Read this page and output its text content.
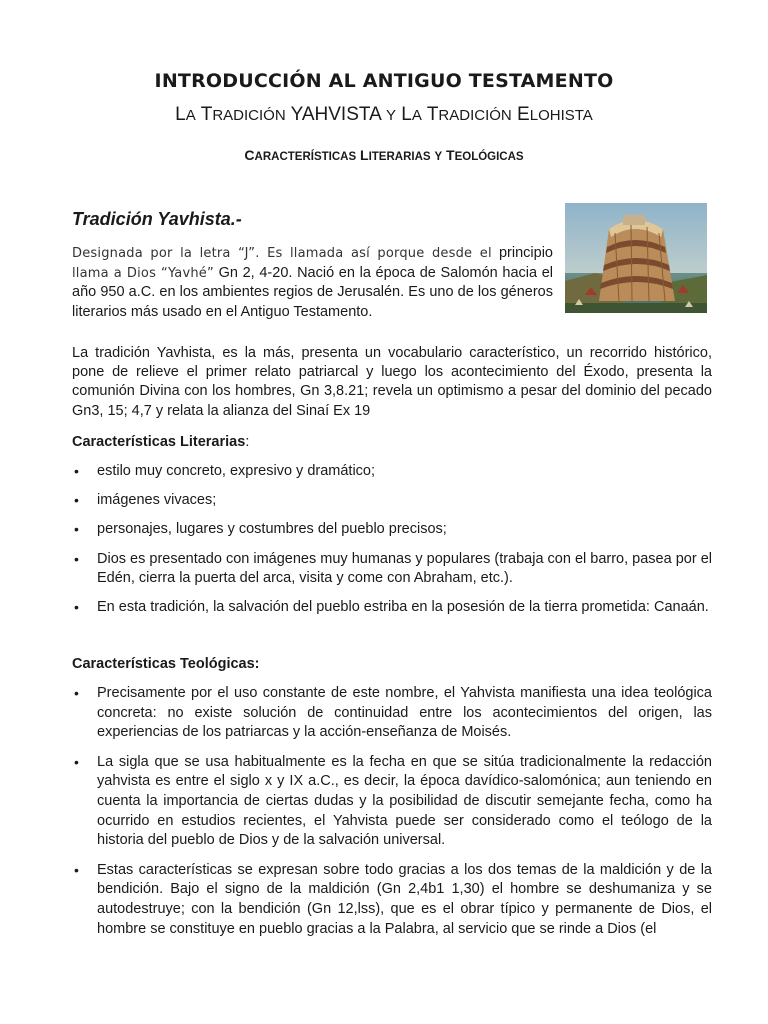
INTRODUCCIÓN AL ANTIGUO TESTAMENTO
LA TRADICIÓN YAHVISTA Y LA TRADICIÓN ELOHISTA
CARACTERÍSTICAS LITERARIAS Y TEOLÓGICAS
Tradición Yavhista.-
Designada por la letra “J”. Es llamada así porque desde el principio llama a Dios “Yavhé” Gn 2, 4-20. Nació en la época de Salomón hacia el año 950 a.C. en los ambientes regios de Jerusalén. Es uno de los géneros literarios más usado en el Antiguo Testamento.
La tradición Yavhista, es la más, presenta un vocabulario característico, un recorrido histórico, pone de relieve el primer relato patriarcal y luego los acontecimiento del Éxodo, presenta la comunión Divina con los hombres, Gn 3,8.21; revela un optimismo a pesar del dominio del pecado Gn3, 15; 4,7 y relata la alianza del Sinaí Ex 19
Características Literarias:
• estilo muy concreto, expresivo y dramático;
• imágenes vivaces;
• personajes, lugares y costumbres del pueblo precisos;
• Dios es presentado con imágenes muy humanas y populares (trabaja con el barro, pasea por el Edén, cierra la puerta del arca, visita y come con Abraham, etc.).
• En esta tradición, la salvación del pueblo estriba en la posesión de la tierra prometida: Canaán.
Características Teológicas:
• Precisamente por el uso constante de este nombre, el Yahvista manifiesta una idea teológica concreta: no existe solución de continuidad entre los acontecimientos del origen, las experiencias de los patriarcas y la acción-enseñanza de Moisés.
• La sigla que se usa habitualmente es la fecha en que se sitúa tradicionalmente la redacción yahvista es entre el siglo x y IX a.C., es decir, la época davídico-salomónica; aun teniendo en cuenta la importancia de ciertas dudas y la posibilidad de discutir semejante fecha, como ha ocurrido en estudios recientes, el Yahvista puede ser considerado como el teólogo de la historia del pueblo de Dios y de la salvación universal.
• Estas características se expresan sobre todo gracias a los dos temas de la maldición y de la bendición. Bajo el signo de la maldición (Gn 2,4b1 1,30) el hombre se deshumaniza y se autodestruye; con la bendición (Gn 12,lss), que es el obrar típico y permanente de Dios, el hombre se constituye en pueblo gracias a la Palabra, al servicio que se rinde a Dios (el
